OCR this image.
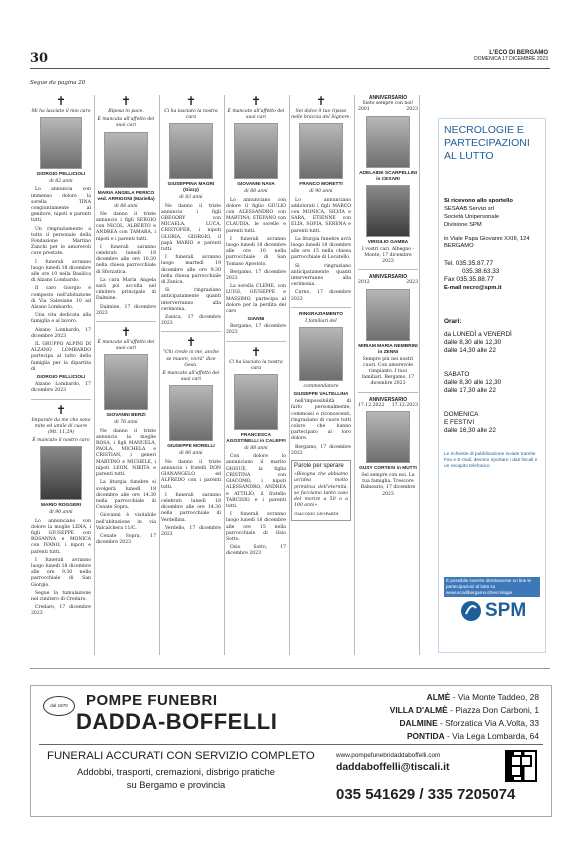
30	L'ECO DI BERGAMO
DOMENICA 17 DICEMBRE 2023
Segue da pagina 20
✝
Mi ha lasciato il mio caro
GIORGIO PELLICIOLI
di 82 anni

Lo annuncia con immenso dolore la sorella TINA congiuntamente al genitore, nipoti e parenti tutti.

Un ringraziamento a tutto il personale della Fondazione Martino Zanchi per le amorevoli cure prestate.

I funerali avranno luogo lunedì 18 dicembre alle ore 10 nella Basilica di Alzano Lombardo.

Il caro Giorgio è composto nell'abitazione di Via Salesiane 10 ad Alzano Lombardo.

Una vita dedicata alla famiglia e al lavoro.

Alzano Lombardo, 17 dicembre 2023

IL GRUPPO ALPINI DI ALZANO LOMBARDO partecipa al lutto della famiglia per la dipartita di

GIORGIO PELLICIOLI

Alzano Lombardo, 17 dicembre 2023

✝
Imparate da me che sono mite ed umile di cuore (Mt. 11,29)
È mancato il nostro caro
MARIO ROGGERI
di 90 anni

Lo annunciano con dolore la moglie LIDIA, i figli GIUSEPPE con ROSANNA e MONICA con IVANO, i nipoti e parenti tutti.

I funerali avranno luogo lunedì 18 dicembre alle ore 9.30 nella parrocchiale di San Giorgio.

Segue la tumulazione nel cimitero di Credaro.

Credaro, 17 dicembre 2023

✝
Riposa in pace.
È mancata all'affetto dei suoi cari
MARIA ANGELA PERICO ved. ARRIGONI (Mariella)
di 88 anni

Ne danno il triste annuncio i figli SERGIO con NICOL, ALBERTO e ANDREA con TAMARA, i nipoti e i parenti tutti.

I funerali saranno celebrati lunedì 18 dicembre alle ore 10.30 nella chiesa parrocchiale di Sforzatica.

La cara Maria Angela sarà poi accolta nel cimitero principale di Dalmine.

Dalmine, 17 dicembre 2023

✝
È mancato all'affetto dei suoi cari
GIOVANNI BERZI
di 76 anni

Ne danno il triste annuncio la moglie ROSA, i figli MANUELA, PAOLA, MICHELA e CRISTIAN, i generi MARTINO e MICHELE, i nipoti LEON, NIKITA e parenti tutti.

La liturgia funebre si svolgerà lunedì 18 dicembre alle ore 14.30 nella parrocchiale di Cenate Sopra.

Giovanni è visitabile nell'abitazione in via Valcalchera 11/C.

Cenate Sopra, 17 dicembre 2023

✝
Ci ha lasciato la nostra cara
GIUSEPPINA MAGRI (Gizzy)
di 83 anni

Ne danno il triste annuncio i figli GREGORY con MICAELA, LUCA, CRISTOFER, i nipoti GLORIA, GIORGIO, il papà MARIO e parenti tutti.

I funerali avranno luogo martedì 19 dicembre alle ore 9.30 nella chiesa parrocchiale di Zanica.

Si ringraziano anticipatamente quanti interverranno alla cerimonia.

Zanica, 17 dicembre 2023

✝
"Chi crede in me, anche se muore, vivrà" dice Gesù.
È mancato all'affetto dei suoi cari
GIUSEPPE MORELLI
di 86 anni

Ne danno il triste annuncio i fratelli DON GIANANGELO ed ALFREDO con i parenti tutti.

I funerali saranno celebrati lunedì 18 dicembre alle ore 14.30 nella parrocchiale di Verdellina.

Verdello, 17 dicembre 2023

✝
È mancato all'affetto dei suoi cari
GIOVANNI NAVA
di 88 anni

Lo annunciano con dolore il figlio GIULIO con ALESSANDRO con MARTINA, STEFANO con CLAUDIA, le sorelle e parenti tutti.

I funerali avranno luogo lunedì 18 dicembre alle ore 10 nella parrocchiale di San Tomaso Apostolo.

Bergamo, 17 dicembre 2023

La sorella CLEME, con LUIGI, GIUSEPPE e MASSIMO, partecipa al dolore per la perdita del caro

GIANNI

Bergamo, 17 dicembre 2023

✝
Ci ha lasciato la nostra cara
FRANCESCA AGOSTINELLI in CALEFFI
di 88 anni

Con dolore lo annunciano il marito GIOSUÈ, la figlia CRISTINA con GIACOMO, i nipoti ALESSANDRO, ANDREA e ATTILIO, il fratello TARCISIO e i parenti tutti.

I funerali avranno luogo lunedì 18 dicembre alle ore 15 nella parrocchiale di Osio Sotto.

Osio Sotto, 17 dicembre 2023

✝
Sei dolce il tuo riposo nelle braccia del Signore.
FRANCO MORETTI
di 90 anni

Lo annunciano addolorati i figli MARCO con MONICA, SILVIA e SARA, ETIENNE con ELIA, SOFIA, SERENA e parenti tutti.

La liturgia funebre avrà luogo lunedì 18 dicembre alle ore 15 nella chiesa parrocchiale di Locatello.

Si ringraziano anticipatamente quanti interverranno alla cerimonia.

Curno, 17 dicembre 2023

RINGRAZIAMENTO
I familiari del
commendatore
GIUSEPPE VALTELLINA

nell'impossibilità di farlo personalmente, commossi e riconoscenti, ringraziano di cuore tutti coloro che hanno partecipato al loro dolore.

Bergamo, 17 dicembre 2023

Parole per sperare
«Bisogna che abbiamo un'idea molto primitiva dell'eternità, se facciamo tanto caso del morire a 50 o a 100 anni»
GIACOMO LEOPARDI
ANNIVERSARIO
Sieto sempre con noi!
2001	2023
ADELAIDE SCARPELLINI in CESARI
VIRGILIO GAMBA
I vostri cari. Albegno - Monte, 17 dicembre 2023
ANNIVERSARIO
2012	2023
MIRIAM MARIA NEMBRINI in ZENNI
Sempre più nei nostri cuori. Con amorevole rimpianto. I tuoi familiari. Bergamo, 17 dicembre 2023
ANNIVERSARIO
17.12.2022 17.12.2023
GUSY CORTESI in MUTTI
Sei sempre con noi. La tua famiglia. Trescore Balneario, 17 dicembre 2023
NECROLOGIE E PARTECIPAZIONI AL LUTTO
Si ricevono allo sportello
SESAAB Servizi srl
Società Unipersonale
Divisione SPM
in Viale Papa Giovanni XXIII, 124 BERGAMO
Tel. 035.35.87.77
035.38.63.33
Fax 035.35.88.77
E-mail necro@spm.it
Orari:
da LUNEDÌ a VENERDÌ
dalle 8,30 alle 12,30
dalle 14,30 alle 22
SABATO
dalle 8,30 alle 12,30
dalle 17,30 alle 22
DOMENICA
E FESTIVI
dalle 16,30 alle 22
Le richieste di pubblicazione inviate tramite Fax e E-mail, devono riportare i dati fiscali e un recapito telefonico
È possibile inserire direttamente on line le partecipazioni al lutto su www.ecodibergamo.it/necrologie
SPM
dal 1970	POMPE FUNEBRI
DADDA-BOFFELLI
ALMÈ - Via Monte Taddeo, 28
VILLA D'ALMÈ - Piazza Don Carboni, 1
DALMINE - Sforzatica Via A.Volta, 33
PONTIDA - Via Lega Lombarda, 64
FUNERALI ACCURATI CON SERVIZIO COMPLETO
Addobbi, trasporti, cremazioni, disbrigo pratiche
su Bergamo e provincia
www.pompefunebridaddaboffelli.com
daddaboffelli@tiscali.it
035 541629 / 335 7205074
